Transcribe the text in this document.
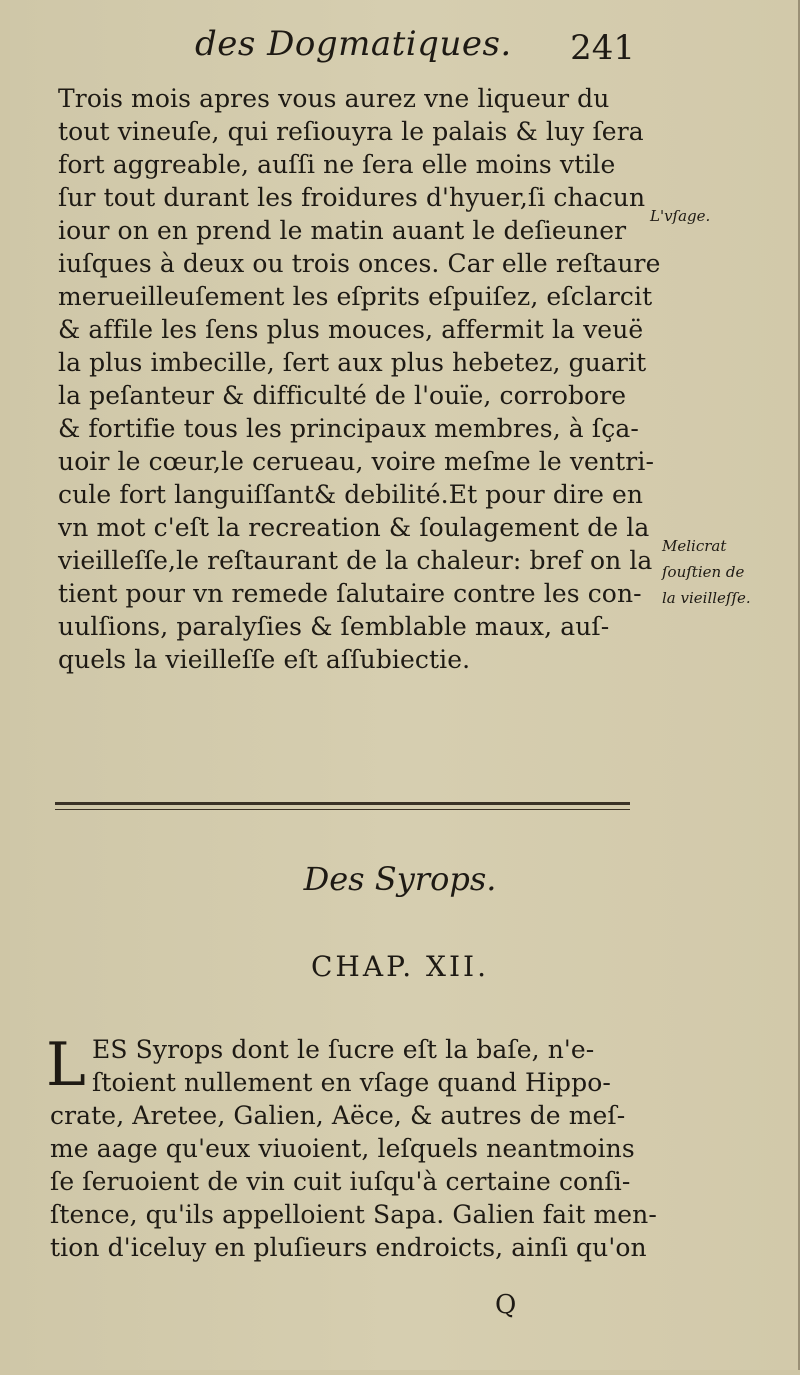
des Dogmatiques. 241
Trois mois apres vous aurez vne liqueur du
tout vineuſe, qui reſiouyra le palais & luy ſera
fort aggreable, auſſi ne ſera elle moins vtile
ſur tout durant les froidures d'hyuer,ſi chacun
iour on en prend le matin auant le deſieuner
iuſques à deux ou trois onces. Car elle reſtaure
merueilleuſement les eſprits eſpuiſez, eſclarcit
& affile les ſens plus mouces, affermit la veuë
la plus imbecille, ſert aux plus hebetez, guarit
la peſanteur & difficulté de l'ouïe, corrobore
& fortifie tous les principaux membres, à ſça-
uoir le cœur,le cerueau, voire meſme le ventri-
cule fort languiſſant& debilité.Et pour dire en
vn mot c'eſt la recreation & ſoulagement de la
vieilleſſe,le reſtaurant de la chaleur: bref on la
tient pour vn remede ſalutaire contre les con-
uulſions, paralyſies & ſemblable maux, auſ-
quels la vieilleſſe eſt aſſubiectie.
L'vſage.
Melicrat
ſouſtien de
la vieilleſſe.
Des Syrops.
CHAP. XII.
L ES Syrops dont le ſucre eſt la baſe, n'e-
ſtoient nullement en vſage quand Hippo-
crate, Aretee, Galien, Aëce, & autres de meſ-
me aage qu'eux viuoient, leſquels neantmoins
ſe ſeruoient de vin cuit iuſqu'à certaine conſi-
ſtence, qu'ils appelloient Sapa. Galien fait men-
tion d'iceluy en pluſieurs endroicts, ainſi qu'on
Q
